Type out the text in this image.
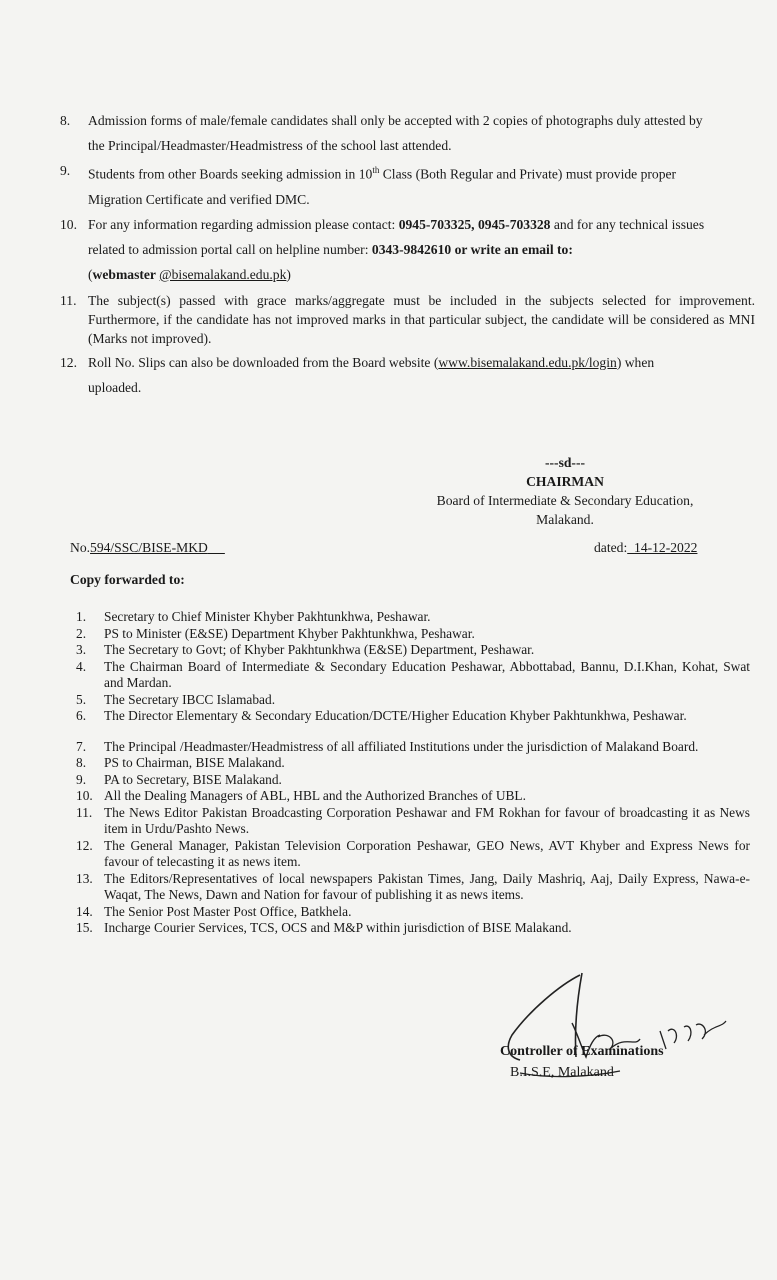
8.	Admission forms of male/female candidates shall only be accepted with 2 copies of photographs duly attested by
the Principal/Headmaster/Headmistress of the school last attended.
9.	Students from other Boards seeking admission in 10th Class (Both Regular and Private) must provide proper
Migration Certificate and verified DMC.
10. For any information regarding admission please contact: 0945-703325, 0945-703328 and for any technical issues
related to admission portal call on helpline number: 0343-9842610 or write an email to:
(webmaster @bisemalakand.edu.pk)
11. The subject(s) passed with grace marks/aggregate must be included in the subjects selected for improvement. Furthermore, if the candidate has not improved marks in that particular subject, the candidate will be considered as MNI (Marks not improved).
12. Roll No. Slips can also be downloaded from the Board website (www.bisemalakand.edu.pk/login) when
uploaded.
---sd---
CHAIRMAN
Board of Intermediate & Secondary Education,
Malakand.
No.594/SSC/BISE-MKD	dated: 14-12-2022
Copy forwarded to:
1.	Secretary to Chief Minister Khyber Pakhtunkhwa, Peshawar.
2.	PS to Minister (E&SE) Department Khyber Pakhtunkhwa, Peshawar.
3.	The Secretary to Govt; of Khyber Pakhtunkhwa (E&SE) Department, Peshawar.
4.	The Chairman Board of Intermediate & Secondary Education Peshawar, Abbottabad, Bannu, D.I.Khan, Kohat, Swat and Mardan.
5.	The Secretary IBCC Islamabad.
6.	The Director Elementary & Secondary Education/DCTE/Higher Education Khyber Pakhtunkhwa, Peshawar.
7.	The Principal /Headmaster/Headmistress of all affiliated Institutions under the jurisdiction of Malakand Board.
8.	PS to Chairman, BISE Malakand.
9.	PA to Secretary, BISE Malakand.
10. All the Dealing Managers of ABL, HBL and the Authorized Branches of UBL.
11. The News Editor Pakistan Broadcasting Corporation Peshawar and FM Rokhan for favour of broadcasting it as News item in Urdu/Pashto News.
12. The General Manager, Pakistan Television Corporation Peshawar, GEO News, AVT Khyber and Express News for favour of telecasting it as news item.
13. The Editors/Representatives of local newspapers Pakistan Times, Jang, Daily Mashriq, Aaj, Daily Express, Nawa-e-Waqat, The News, Dawn and Nation for favour of publishing it as news items.
14. The Senior Post Master Post Office, Batkhela.
15. Incharge Courier Services, TCS, OCS and M&P within jurisdiction of BISE Malakand.
Controller of Examinations
B.I.S.E, Malakand
